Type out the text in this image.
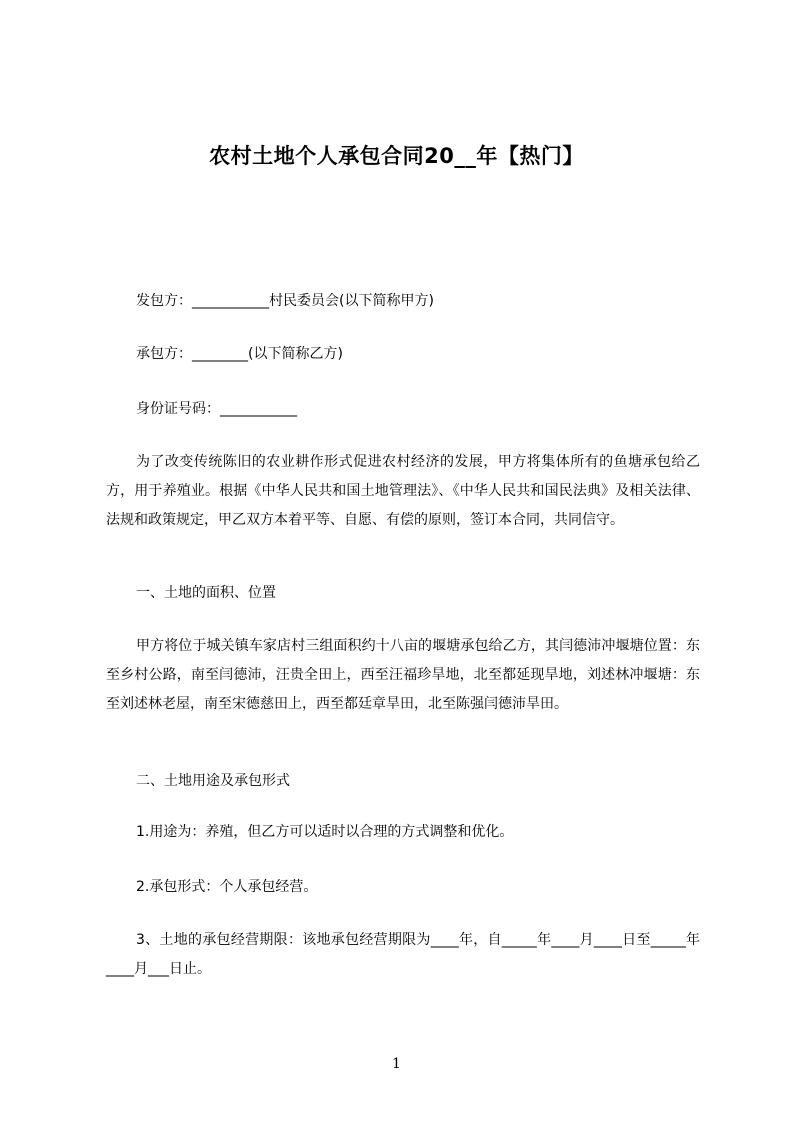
农村土地个人承包合同20__年【热门】

发包方：___________村民委员会(以下简称甲方)

承包方：________(以下简称乙方)

身份证号码：___________

为了改变传统陈旧的农业耕作形式促进农村经济的发展，甲方将集体所有的鱼塘承包给乙方，用于养殖业。根据《中华人民共和国土地管理法》、《中华人民共和国民法典》及相关法律、法规和政策规定，甲乙双方本着平等、自愿、有偿的原则，签订本合同，共同信守。

一、土地的面积、位置

甲方将位于城关镇车家店村三组面积约十八亩的堰塘承包给乙方，其闫德沛冲堰塘位置：东至乡村公路，南至闫德沛，汪贵全田上，西至汪福珍旱地，北至都延现旱地，刘述林冲堰塘：东至刘述林老屋，南至宋德慈田上，西至都廷章旱田，北至陈强闫德沛旱田。

二、土地用途及承包形式

1.用途为：养殖，但乙方可以适时以合理的方式调整和优化。

2.承包形式：个人承包经营。

3、土地的承包经营期限：该地承包经营期限为____年，自_____年____月____日至_____年____月___日止。

1
